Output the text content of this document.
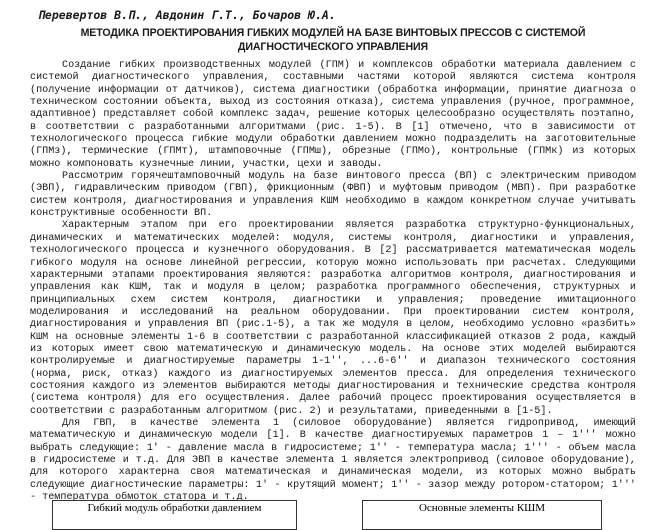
Перевертов В.П., Авдонин Г.Т., Бочаров Ю.А.
МЕТОДИКА ПРОЕКТИРОВАНИЯ ГИБКИХ МОДУЛЕЙ НА БАЗЕ ВИНТОВЫХ ПРЕССОВ С СИСТЕМОЙ ДИАГНОСТИЧЕСКОГО УПРАВЛЕНИЯ

Создание гибких производственных модулей (ГПМ) и комплексов обработки материала давлением с системой диагностического управления, составными частями которой являются система контроля (получение информации от датчиков), система диагностики (обработка информации, принятие диагноза о техническом состоянии объекта, выход из состояния отказа), система управления (ручное, программное, адаптивное) представляет собой комплекс задач, решение которых целесообразно осуществлять поэтапно, в соответствии с разработанными алгоритмами (рис. 1-5). В [1] отмечено, что в зависимости от технологического процесса гибкие модули обработки давлением можно подразделить на заготовительные (ГПМз), термические (ГПМт), штамповочные (ГПМш), обрезные (ГПМо), контрольные (ГПМк) из которых можно компоновать кузнечные линии, участки, цехи и заводы.

Рассмотрим горячештамповочный модуль на базе винтового пресса (ВП) с электрическим приводом (ЭВП), гидравлическим приводом (ГВП), фрикционным (ФВП) и муфтовым приводом (МВП). При разработке систем контроля, диагностирования и управления КШМ необходимо в каждом конкретном случае учитывать конструктивные особенности ВП.

Характерным этапом при его проектировании является разработка структурно-функциональных, динамических и математических моделей: модуля, системы контроля, диагностики и управления, технологического процесса и кузнечного оборудования. В [2] рассматривается математическая модель гибкого модуля на основе линейной регрессии, которую можно использовать при расчетах. Следующими характерными этапами проектирования являются: разработка алгоритмов контроля, диагностирования и управления как КШМ, так и модуля в целом; разработка программного обеспечения, структурных и принципиальных схем систем контроля, диагностики и управления; проведение имитационного моделирования и исследований на реальном оборудовании. При проектировании систем контроля, диагностирования и управления ВП (рис.1-5), а так же модуля в целом, необходимо условно «разбить» КШМ на основные элементы 1-6 в соответствии с разработанной классификацией отказов 2 рода, каждый из которых имеет свою математическую и динамическую модель. На основе этих моделей выбираются контролируемые и диагностируемые параметры 1-1′′, ...6-6′′ и диапазон технического состояния (норма, риск, отказ) каждого из диагностируемых элементов пресса. Для определения технического состояния каждого из элементов выбираются методы диагностирования и технические средства контроля (система контроля) для его осуществления. Далее рабочий процесс проектирования осуществляется в соответствии с разработанным алгоритмом (рис. 2) и результатами, приведенными в [1-5].

Для ГВП, в качестве элемента 1 (силовое оборудование) является гидропривод, имеющий математическую и динамическую модели [1]. В качестве диагностируемых параметров 1 – 1′′′ можно выбрать следующие: 1′ - давление масла в гидросистеме; 1′′ - температура масла; 1′′′ - объем масла в гидросистеме и т.д. Для ЭВП в качестве элемента 1 является электропривод (силовое оборудование), для которого характерна своя математическая и динамическая модели, из которых можно выбрать следующие диагностические параметры: 1′ - крутящий момент; 1′′ - зазор между ротором-статором; 1′′′ - температура обмоток статора и т.д.

Гибкий модуль обработки давлением	Основные элементы КШМ
